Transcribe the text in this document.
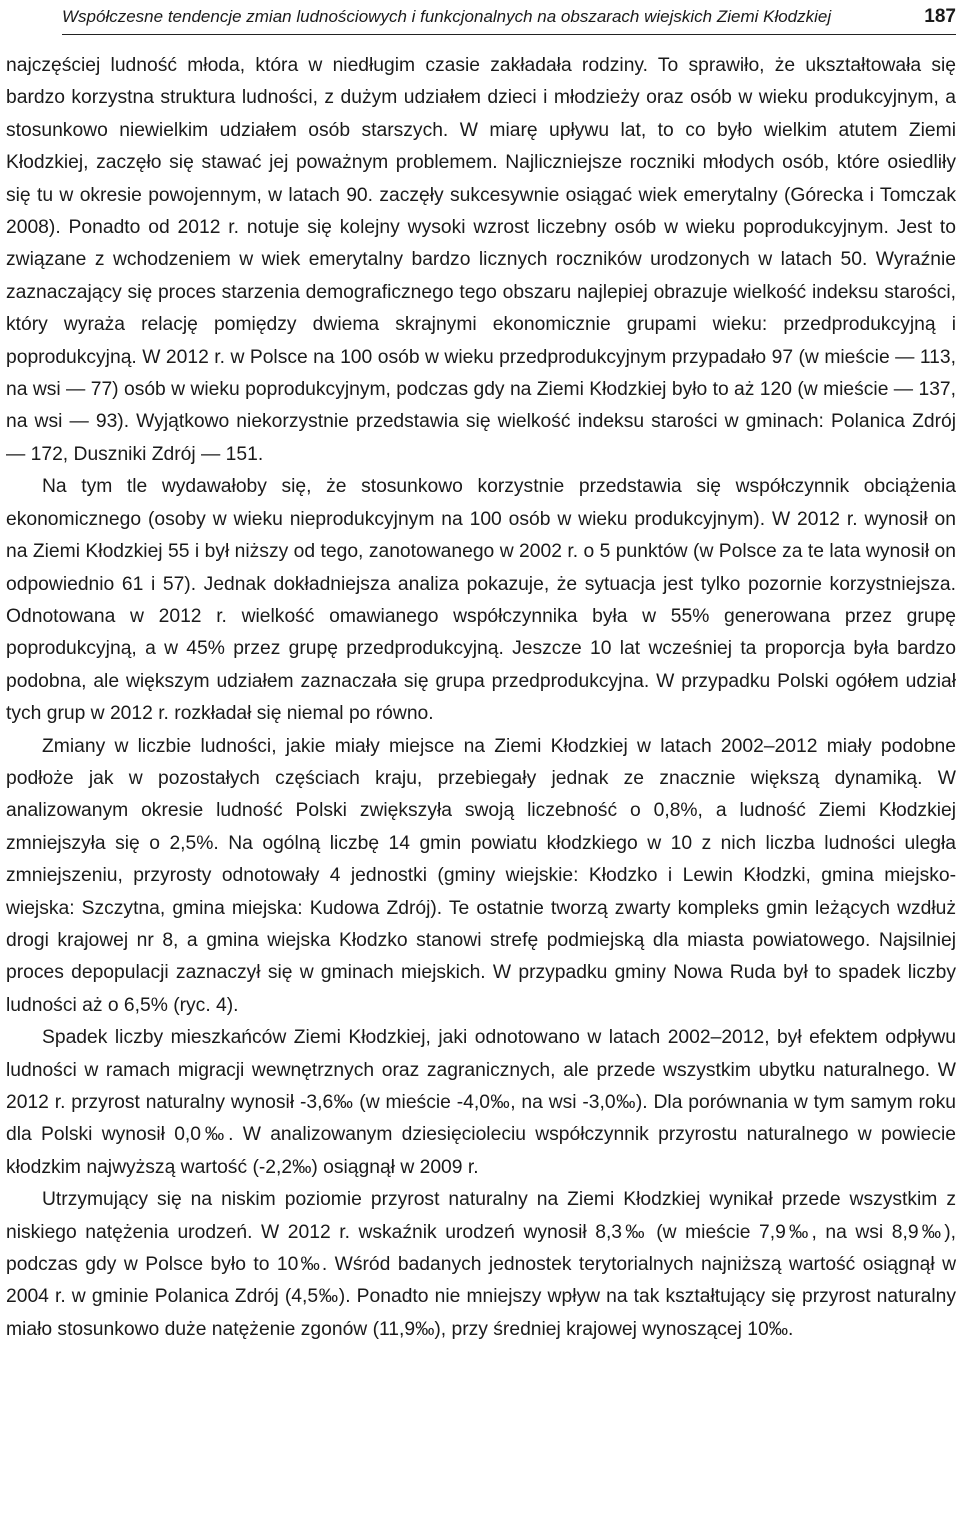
Współczesne tendencje zmian ludnościowych i funkcjonalnych na obszarach wiejskich Ziemi Kłodzkiej	187

najczęściej ludność młoda, która w niedługim czasie zakładała rodziny. To sprawiło, że ukształtowała się bardzo korzystna struktura ludności, z dużym udziałem dzieci i młodzieży oraz osób w wieku produkcyjnym, a stosunkowo niewielkim udziałem osób starszych. W miarę upływu lat, to co było wielkim atutem Ziemi Kłodzkiej, zaczęło się stawać jej poważnym problemem. Najliczniejsze roczniki młodych osób, które osiedliły się tu w okresie powojennym, w latach 90. zaczęły sukcesywnie osiągać wiek emerytalny (Górecka i Tomczak 2008). Ponadto od 2012 r. notuje się kolejny wysoki wzrost liczebny osób w wieku poprodukcyjnym. Jest to związane z wchodzeniem w wiek emerytalny bardzo licznych roczników urodzonych w latach 50. Wyraźnie zaznaczający się proces starzenia demograficznego tego obszaru najlepiej obrazuje wielkość indeksu starości, który wyraża relację pomiędzy dwiema skrajnymi ekonomicznie grupami wieku: przedprodukcyjną i poprodukcyjną. W 2012 r. w Polsce na 100 osób w wieku przedprodukcyjnym przypadało 97 (w mieście — 113, na wsi — 77) osób w wieku poprodukcyjnym, podczas gdy na Ziemi Kłodzkiej było to aż 120 (w mieście — 137, na wsi — 93). Wyjątkowo niekorzystnie przedstawia się wielkość indeksu starości w gminach: Polanica Zdrój — 172, Duszniki Zdrój — 151.

Na tym tle wydawałoby się, że stosunkowo korzystnie przedstawia się współczynnik obciążenia ekonomicznego (osoby w wieku nieprodukcyjnym na 100 osób w wieku produkcyjnym). W 2012 r. wynosił on na Ziemi Kłodzkiej 55 i był niższy od tego, zanotowanego w 2002 r. o 5 punktów (w Polsce za te lata wynosił on odpowiednio 61 i 57). Jednak dokładniejsza analiza pokazuje, że sytuacja jest tylko pozornie korzystniejsza. Odnotowana w 2012 r. wielkość omawianego współczynnika była w 55% generowana przez grupę poprodukcyjną, a w 45% przez grupę przedprodukcyjną. Jeszcze 10 lat wcześniej ta proporcja była bardzo podobna, ale większym udziałem zaznaczała się grupa przedprodukcyjna. W przypadku Polski ogółem udział tych grup w 2012 r. rozkładał się niemal po równo.

Zmiany w liczbie ludności, jakie miały miejsce na Ziemi Kłodzkiej w latach 2002–2012 miały podobne podłoże jak w pozostałych częściach kraju, przebiegały jednak ze znacznie większą dynamiką. W analizowanym okresie ludność Polski zwiększyła swoją liczebność o 0,8%, a ludność Ziemi Kłodzkiej zmniejszyła się o 2,5%. Na ogólną liczbę 14 gmin powiatu kłodzkiego w 10 z nich liczba ludności uległa zmniejszeniu, przyrosty odnotowały 4 jednostki (gminy wiejskie: Kłodzko i Lewin Kłodzki, gmina miejsko-wiejska: Szczytna, gmina miejska: Kudowa Zdrój). Te ostatnie tworzą zwarty kompleks gmin leżących wzdłuż drogi krajowej nr 8, a gmina wiejska Kłodzko stanowi strefę podmiejską dla miasta powiatowego. Najsilniej proces depopulacji zaznaczył się w gminach miejskich. W przypadku gminy Nowa Ruda był to spadek liczby ludności aż o 6,5% (ryc. 4).

Spadek liczby mieszkańców Ziemi Kłodzkiej, jaki odnotowano w latach 2002–2012, był efektem odpływu ludności w ramach migracji wewnętrznych oraz zagranicznych, ale przede wszystkim ubytku naturalnego. W 2012 r. przyrost naturalny wynosił -3,6‰ (w mieście -4,0‰, na wsi -3,0‰). Dla porównania w tym samym roku dla Polski wynosił 0,0‰. W analizowanym dziesięcioleciu współczynnik przyrostu naturalnego w powiecie kłodzkim najwyższą wartość (-2,2‰) osiągnął w 2009 r.

Utrzymujący się na niskim poziomie przyrost naturalny na Ziemi Kłodzkiej wynikał przede wszystkim z niskiego natężenia urodzeń. W 2012 r. wskaźnik urodzeń wynosił 8,3‰ (w mieście 7,9‰, na wsi 8,9‰), podczas gdy w Polsce było to 10‰. Wśród badanych jednostek terytorialnych najniższą wartość osiągnął w 2004 r. w gminie Polanica Zdrój (4,5‰). Ponadto nie mniejszy wpływ na tak kształtujący się przyrost naturalny miało stosunkowo duże natężenie zgonów (11,9‰), przy średniej krajowej wynoszącej 10‰.
